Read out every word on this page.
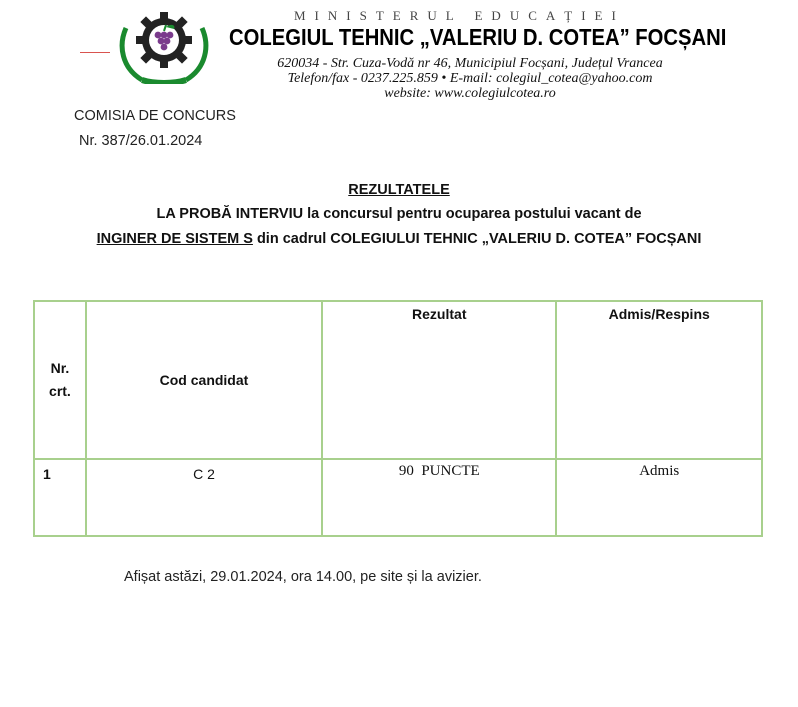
MINISTERUL EDUCAȚIEI
COLEGIUL TEHNIC „VALERIU D. COTEA” FOCȘANI
620034 - Str. Cuza-Vodă nr 46, Municipiul Focșani, Județul Vrancea
Telefon/fax - 0237.225.859 • E-mail: colegiul_cotea@yahoo.com
website: www.colegiulcotea.ro
COMISIA DE CONCURS
Nr. 387/26.01.2024
REZULTATELE
LA PROBĂ INTERVIU la concursul pentru ocuparea postului vacant de
INGINER DE SISTEM S din cadrul COLEGIULUI TEHNIC „VALERIU D. COTEA” FOCȘANI
Nr.
crt.	Cod candidat	Rezultat	Admis/Respins
1	C 2	90  PUNCTE	Admis
Afișat astăzi, 29.01.2024, ora 14.00, pe site și la avizier.
